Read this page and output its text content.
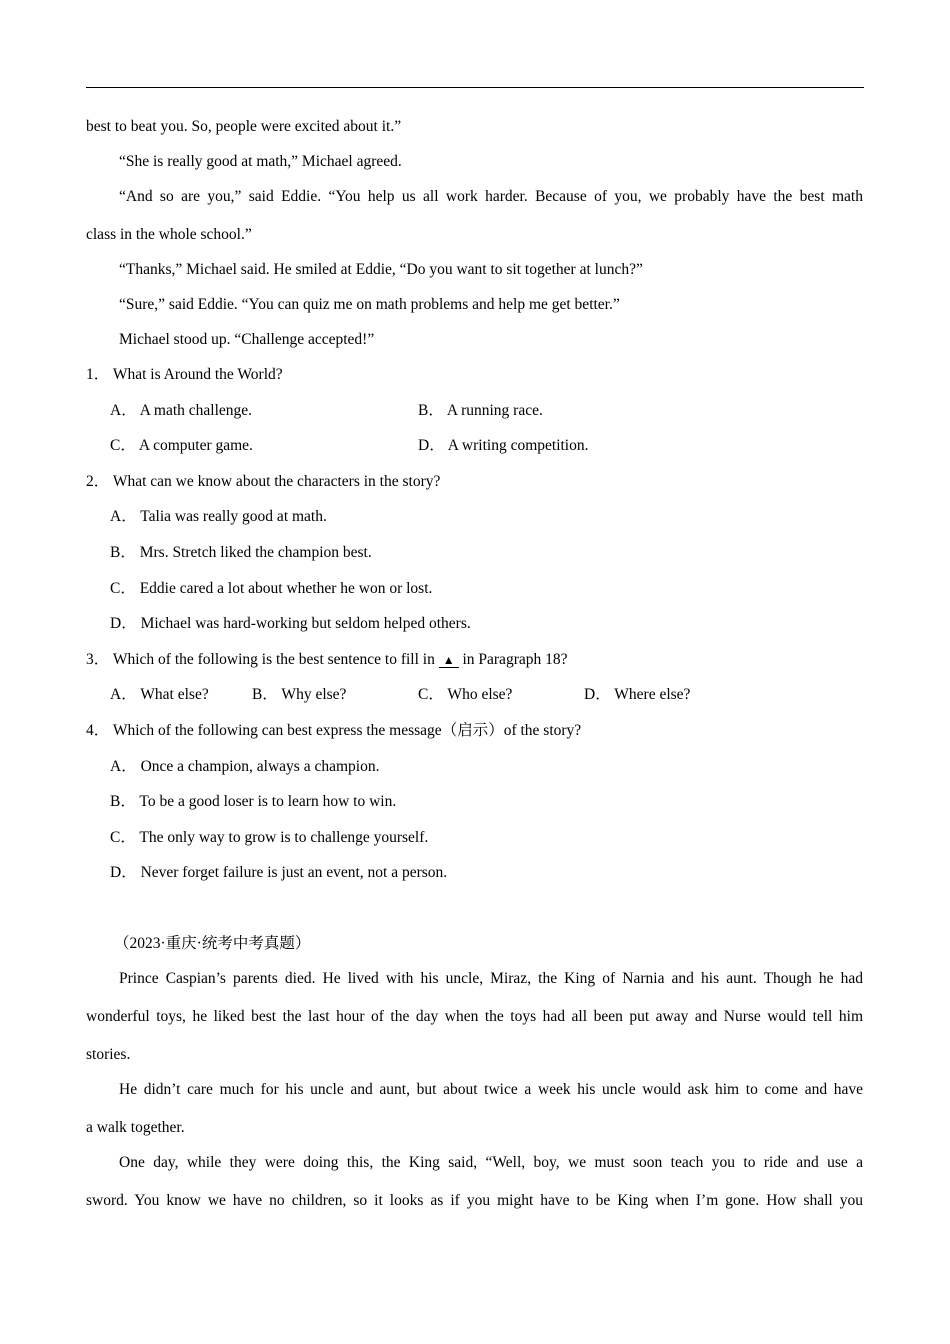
best to beat you. So, people were excited about it.”
“She is really good at math,” Michael agreed.
“And so are you,” said Eddie. “You help us all work harder. Because of you, we probably have the best math
class in the whole school.”
“Thanks,” Michael said. He smiled at Eddie, “Do you want to sit together at lunch?”
“Sure,” said Eddie. “You can quiz me on math problems and help me get better.”
Michael stood up. “Challenge accepted!”
1． What is Around the World?
A． A math challenge.	B． A running race.
C． A computer game.	D． A writing competition.
2． What can we know about the characters in the story?
A． Talia was really good at math.
B． Mrs. Stretch liked the champion best.
C． Eddie cared a lot about whether he won or lost.
D． Michael was hard-working but seldom helped others.
3． Which of the following is the best sentence to fill in ▲ in Paragraph 18?
A． What else?	B． Why else?	C． Who else?	D． Where else?
4． Which of the following can best express the message（启示）of the story?
A． Once a champion, always a champion.
B． To be a good loser is to learn how to win.
C． The only way to grow is to challenge yourself.
D． Never forget failure is just an event, not a person.
（2023·重庆·统考中考真题）
Prince Caspian’s parents died. He lived with his uncle, Miraz, the King of Narnia and his aunt. Though he had
wonderful toys, he liked best the last hour of the day when the toys had all been put away and Nurse would tell him
stories.
He didn’t care much for his uncle and aunt, but about twice a week his uncle would ask him to come and have
a walk together.
One day, while they were doing this, the King said, “Well, boy, we must soon teach you to ride and use a
sword. You know we have no children, so it looks as if you might have to be King when I’m gone. How shall you
